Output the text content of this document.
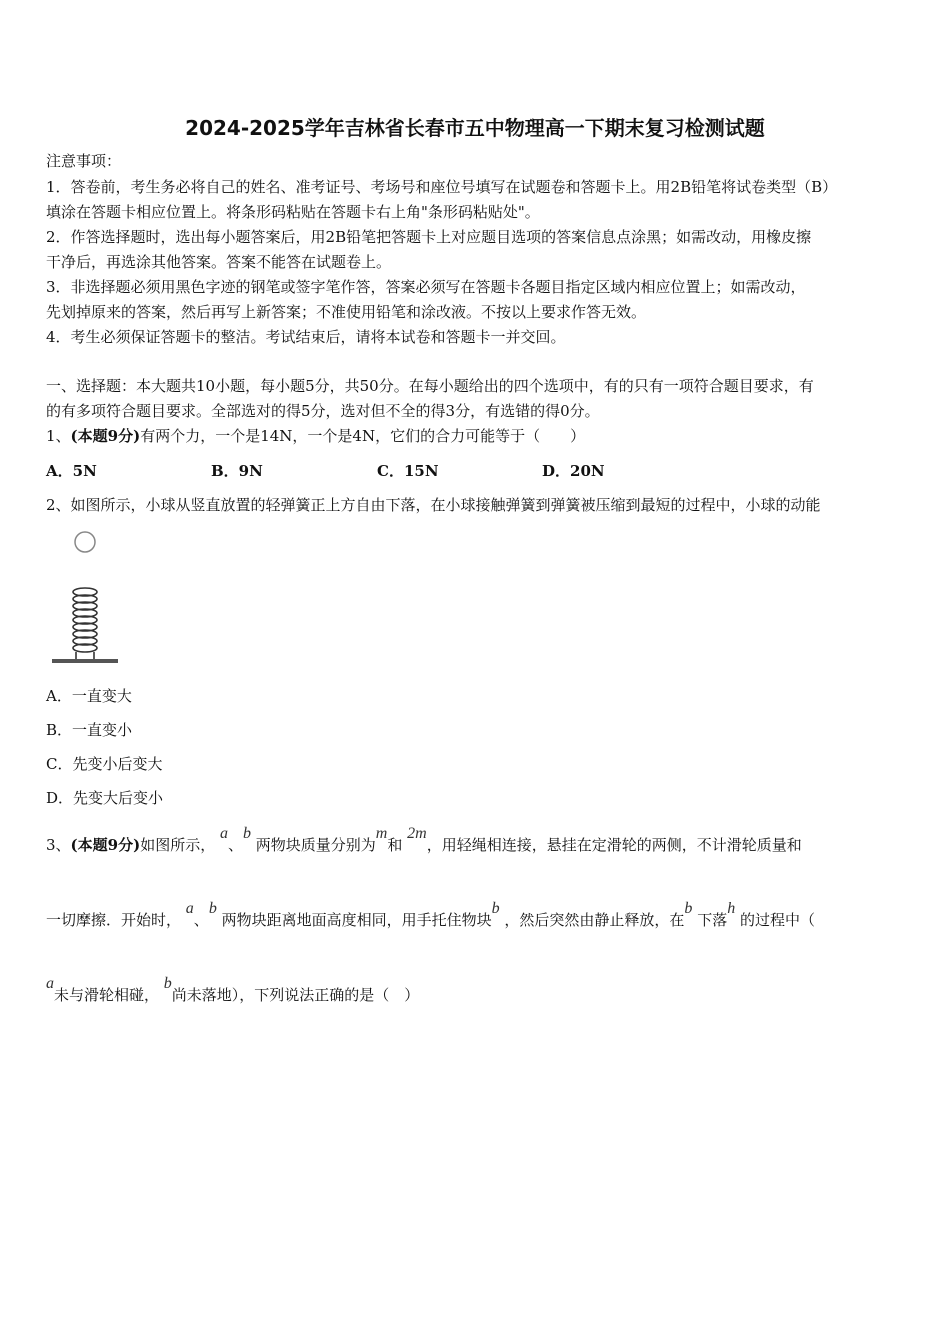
2024-2025学年吉林省长春市五中物理高一下期末复习检测试题
注意事项：
1．答卷前，考生务必将自己的姓名、准考证号、考场号和座位号填写在试题卷和答题卡上。用2B铅笔将试卷类型（B）
填涂在答题卡相应位置上。将条形码粘贴在答题卡右上角"条形码粘贴处"。
2．作答选择题时，选出每小题答案后，用2B铅笔把答题卡上对应题目选项的答案信息点涂黑；如需改动，用橡皮擦
干净后，再选涂其他答案。答案不能答在试题卷上。
3．非选择题必须用黑色字迹的钢笔或签字笔作答，答案必须写在答题卡各题目指定区域内相应位置上；如需改动，
先划掉原来的答案，然后再写上新答案；不准使用铅笔和涂改液。不按以上要求作答无效。
4．考生必须保证答题卡的整洁。考试结束后，请将本试卷和答题卡一并交回。
一、选择题：本大题共10小题，每小题5分，共50分。在每小题给出的四个选项中，有的只有一项符合题目要求，有
的有多项符合题目要求。全部选对的得5分，选对但不全的得3分，有选错的得0分。
1、(本题9分)有两个力，一个是14N，一个是4N，它们的合力可能等于（　　）
A．5N	B．9N	C．15N	D．20N
2、如图所示，小球从竖直放置的轻弹簧正上方自由下落，在小球接触弹簧到弹簧被压缩到最短的过程中，小球的动能
A．一直变大
B．一直变小
C．先变小后变大
D．先变大后变小
3、(本题9分)如图所示， a、b 两物块质量分别为m和 2m，用轻绳相连接，悬挂在定滑轮的两侧，不计滑轮质量和
一切摩擦．开始时， a、b 两物块距离地面高度相同，用手托住物块b ，然后突然由静止释放，在b 下落h 的过程中（
a未与滑轮相碰， b尚未落地），下列说法正确的是（　）
